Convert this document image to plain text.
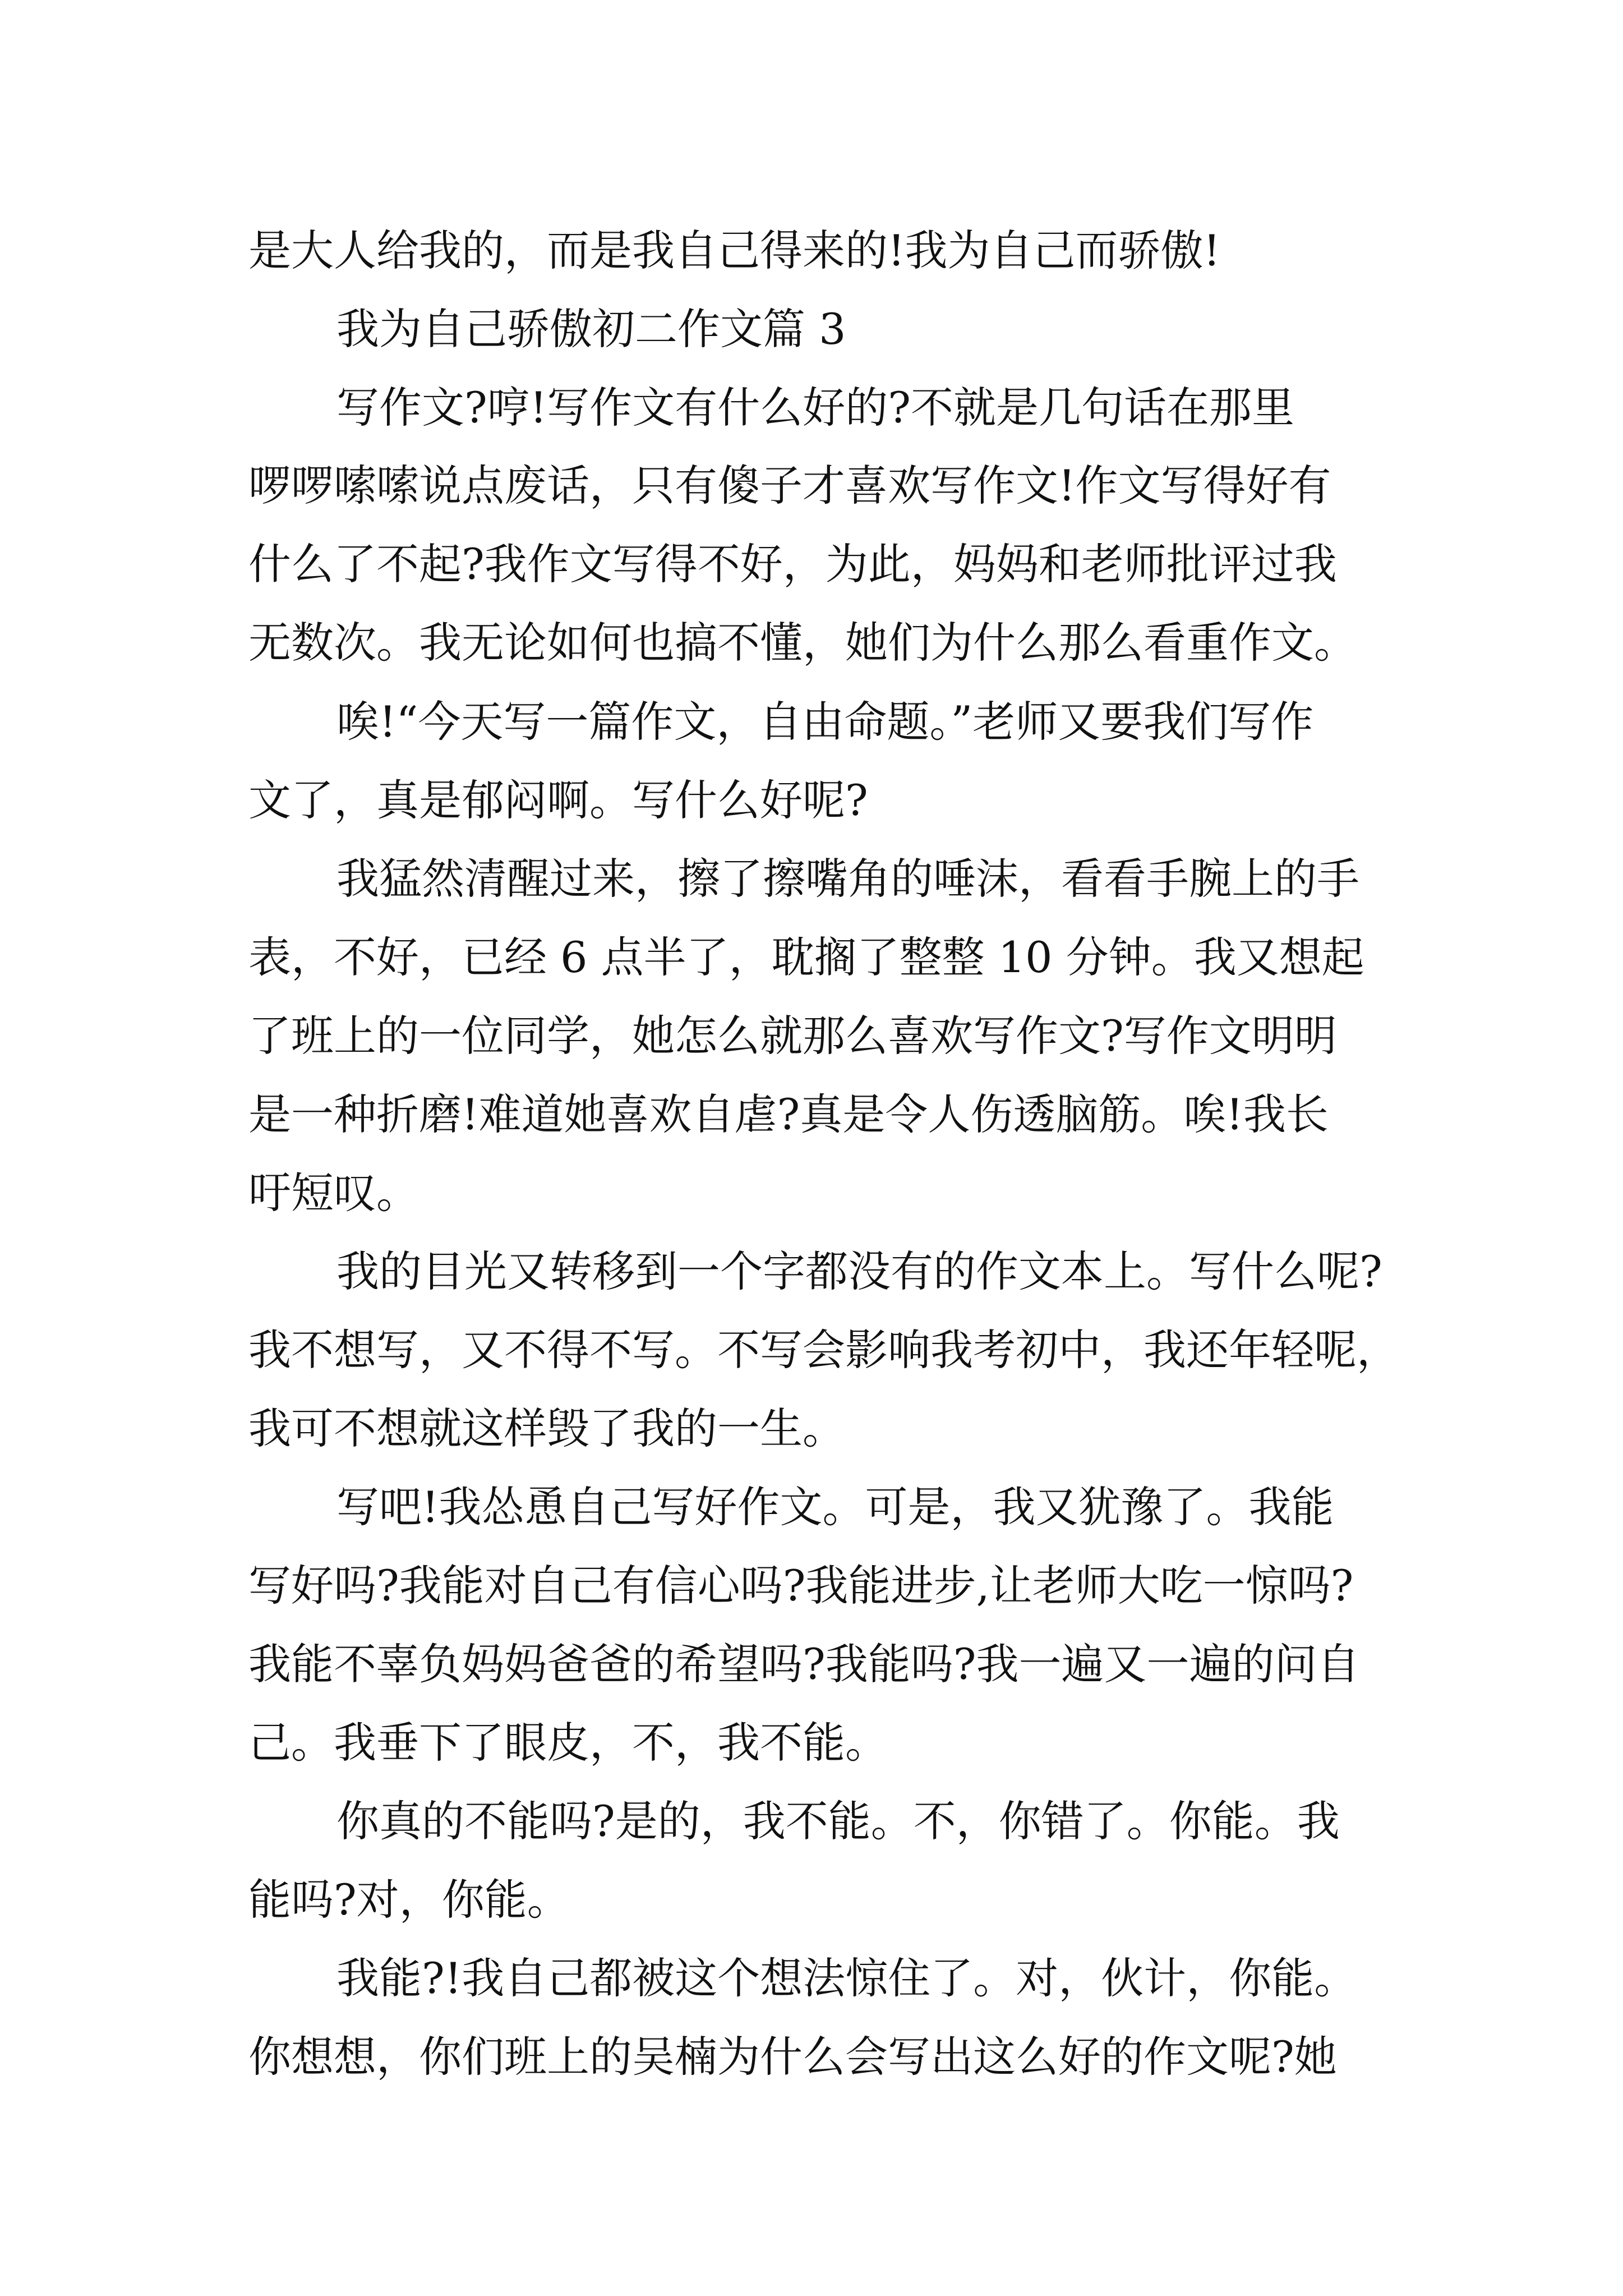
是大人给我的，而是我自己得来的!我为自己而骄傲!
我为自己骄傲初二作文篇 3
写作文?哼!写作文有什么好的?不就是几句话在那里
啰啰嗦嗦说点废话，只有傻子才喜欢写作文!作文写得好有
什么了不起?我作文写得不好，为此，妈妈和老师批评过我
无数次。我无论如何也搞不懂，她们为什么那么看重作文。
唉!“今天写一篇作文，自由命题。”老师又要我们写作
文了，真是郁闷啊。写什么好呢?
我猛然清醒过来，擦了擦嘴角的唾沫，看看手腕上的手
表，不好，已经 6 点半了，耽搁了整整 10 分钟。我又想起
了班上的一位同学，她怎么就那么喜欢写作文?写作文明明
是一种折磨!难道她喜欢自虐?真是令人伤透脑筋。唉!我长
吁短叹。
我的目光又转移到一个字都没有的作文本上。写什么呢?
我不想写，又不得不写。不写会影响我考初中，我还年轻呢，
我可不想就这样毁了我的一生。
写吧!我怂恿自己写好作文。可是，我又犹豫了。我能
写好吗?我能对自己有信心吗?我能进步,让老师大吃一惊吗?
我能不辜负妈妈爸爸的希望吗?我能吗?我一遍又一遍的问自
己。我垂下了眼皮，不，我不能。
你真的不能吗?是的，我不能。不，你错了。你能。我
能吗?对，你能。
我能?!我自己都被这个想法惊住了。对，伙计，你能。
你想想，你们班上的吴楠为什么会写出这么好的作文呢?她
